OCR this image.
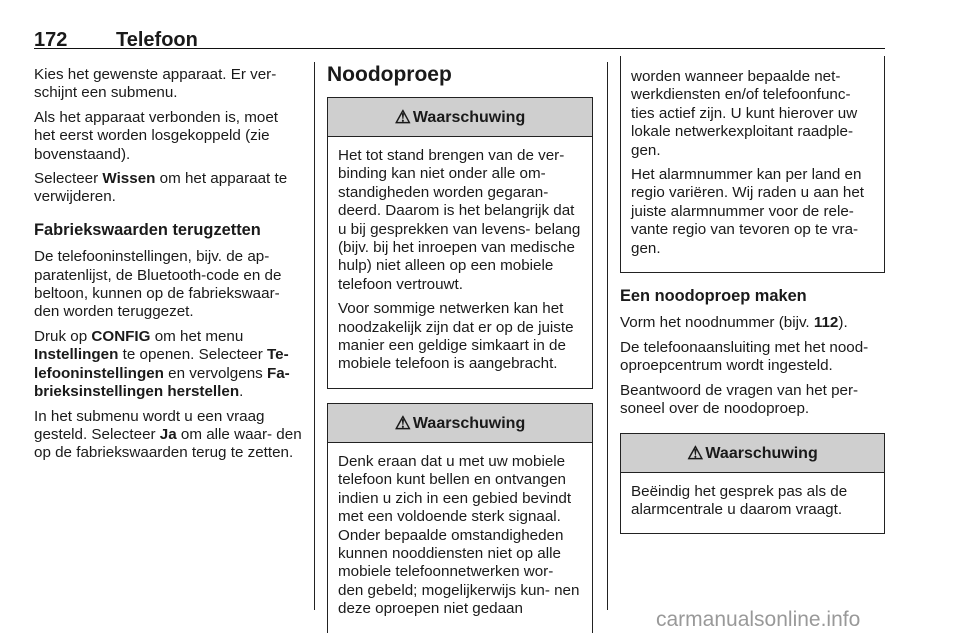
172 Telefoon

Kies het gewenste apparaat. Er ver- schijnt een submenu.

Als het apparaat verbonden is, moet het eerst worden losgekoppeld (zie bovenstaand).

Selecteer Wissen om het apparaat te verwijderen.

Fabriekswaarden terugzetten

De telefooninstellingen, bijv. de ap- paratenlijst, de Bluetooth-code en de beltoon, kunnen op de fabriekswaar- den worden teruggezet.

Druk op CONFIG om het menu Instellingen te openen. Selecteer Te- lefooninstellingen en vervolgens Fa- brieksinstellingen herstellen.

In het submenu wordt u een vraag gesteld. Selecteer Ja om alle waar- den op de fabriekswaarden terug te zetten.

Noodoproep
⚠ Waarschuwing

Het tot stand brengen van de ver- binding kan niet onder alle om- standigheden worden gegaran- deerd. Daarom is het belangrijk dat u bij gesprekken van levens- belang (bijv. bij het inroepen van medische hulp) niet alleen op een mobiele telefoon vertrouwt.

Voor sommige netwerken kan het noodzakelijk zijn dat er op de juiste manier een geldige simkaart in de mobiele telefoon is aangebracht.

⚠ Waarschuwing

Denk eraan dat u met uw mobiele telefoon kunt bellen en ontvangen indien u zich in een gebied bevindt met een voldoende sterk signaal. Onder bepaalde omstandigheden kunnen nooddiensten niet op alle mobiele telefoonnetwerken wor- den gebeld; mogelijkerwijs kun- nen deze oproepen niet gedaan

worden wanneer bepaalde net- werkdiensten en/of telefoonfunc- ties actief zijn. U kunt hierover uw lokale netwerkexploitant raadple- gen.

Het alarmnummer kan per land en regio variëren. Wij raden u aan het juiste alarmnummer voor de rele- vante regio van tevoren op te vra- gen.

Een noodoproep maken

Vorm het noodnummer (bijv. 112).

De telefoonaansluiting met het nood- oproepcentrum wordt ingesteld.

Beantwoord de vragen van het per- soneel over de noodoproep.

⚠ Waarschuwing

Beëindig het gesprek pas als de alarmcentrale u daarom vraagt.

carmanualsonline.info
